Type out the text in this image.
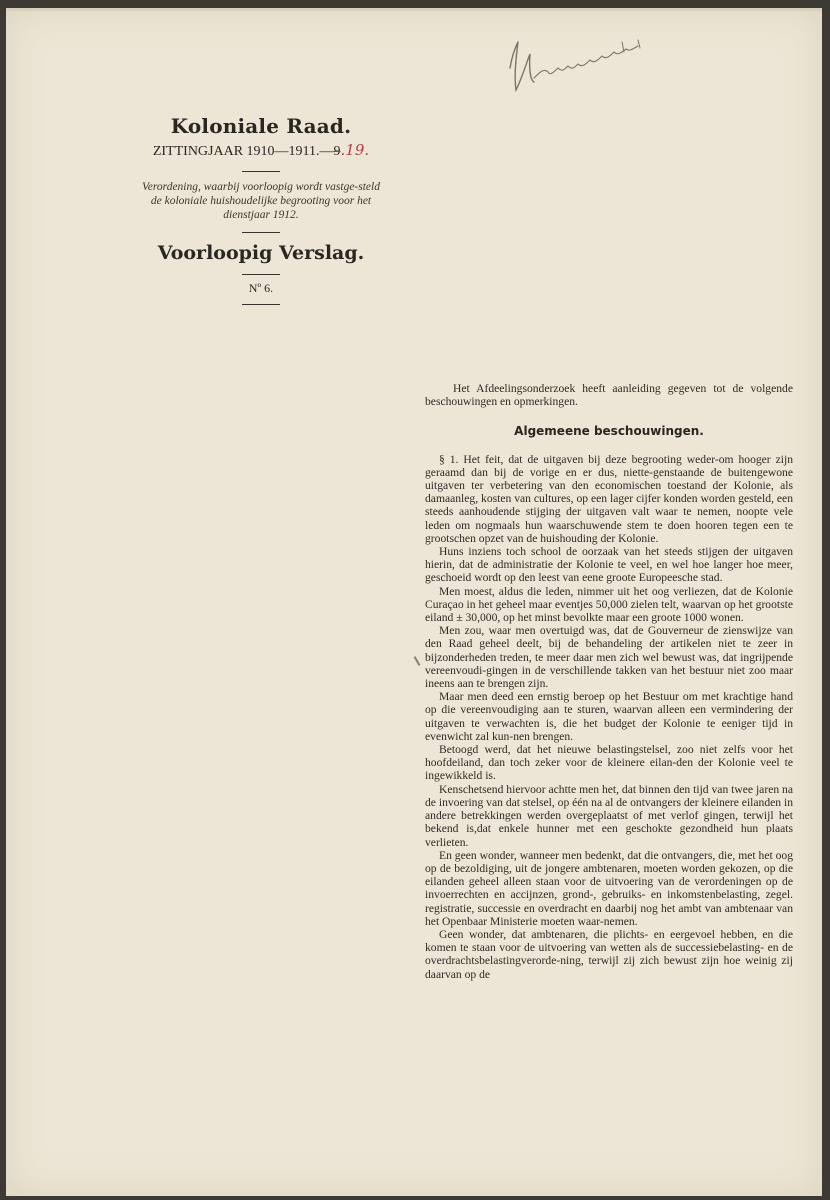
Koloniale Raad.
ZITTINGJAAR 1910—1911.—9.19.

Verordening, waarbij voorloopig wordt vastge-steld de koloniale huishoudelijke begrooting voor het dienstjaar 1912.

Voorloopig Verslag.
Nº 6.

Het Afdeelingsonderzoek heeft aanleiding gegeven tot de volgende beschouwingen en opmerkingen.

Algemeene beschouwingen.

§ 1. Het feit, dat de uitgaven bij deze begrooting weder-om hooger zijn geraamd dan bij de vorige en er dus, niette-genstaande de buitengewone uitgaven ter verbetering van den economischen toestand der Kolonie, als damaanleg, kosten van cultures, op een lager cijfer konden worden gesteld, een steeds aanhoudende stijging der uitgaven valt waar te nemen, noopte vele leden om nogmaals hun waarschuwende stem te doen hooren tegen een te grootschen opzet van de huishouding der Kolonie.

Huns inziens toch school de oorzaak van het steeds stijgen der uitgaven hierin, dat de administratie der Kolonie te veel, en wel hoe langer hoe meer, geschoeid wordt op den leest van eene groote Europeesche stad.

Men moest, aldus die leden, nimmer uit het oog verliezen, dat de Kolonie Curaçao in het geheel maar eventjes 50,000 zielen telt, waarvan op het grootste eiland ± 30,000, op het minst bevolkte maar een groote 1000 wonen.

Men zou, waar men overtuigd was, dat de Gouverneur de zienswijze van den Raad geheel deelt, bij de behandeling der artikelen niet te zeer in bijzonderheden treden, te meer daar men zich wel bewust was, dat ingrijpende vereenvoudi-gingen in de verschillende takken van het bestuur niet zoo maar ineens aan te brengen zijn.

Maar men deed een ernstig beroep op het Bestuur om met krachtige hand op die vereenvoudiging aan te sturen, waarvan alleen een vermindering der uitgaven te verwachten is, die het budget der Kolonie te eeniger tijd in evenwicht zal kun-nen brengen.

Betoogd werd, dat het nieuwe belastingstelsel, zoo niet zelfs voor het hoofdeiland, dan toch zeker voor de kleinere eilan-den der Kolonie veel te ingewikkeld is.

Kenschetsend hiervoor achtte men het, dat binnen den tijd van twee jaren na de invoering van dat stelsel, op één na al de ontvangers der kleinere eilanden in andere betrekkingen werden overgeplaatst of met verlof gingen, terwijl het bekend is,dat enkele hunner met een geschokte gezondheid hun plaats verlieten.

En geen wonder, wanneer men bedenkt, dat die ontvangers, die, met het oog op de bezoldiging, uit de jongere ambtenaren, moeten worden gekozen, op die eilanden geheel alleen staan voor de uitvoering van de verordeningen op de invoerrechten en accijnzen, grond-, gebruiks- en inkomstenbelasting, zegel. registratie, successie en overdracht en daarbij nog het ambt van ambtenaar van het Openbaar Ministerie moeten waar-nemen.

Geen wonder, dat ambtenaren, die plichts- en eergevoel hebben, en die komen te staan voor de uitvoering van wetten als de successiebelasting- en de overdrachtsbelastingverorde-ning, terwijl zij zich bewust zijn hoe weinig zij daarvan op de
